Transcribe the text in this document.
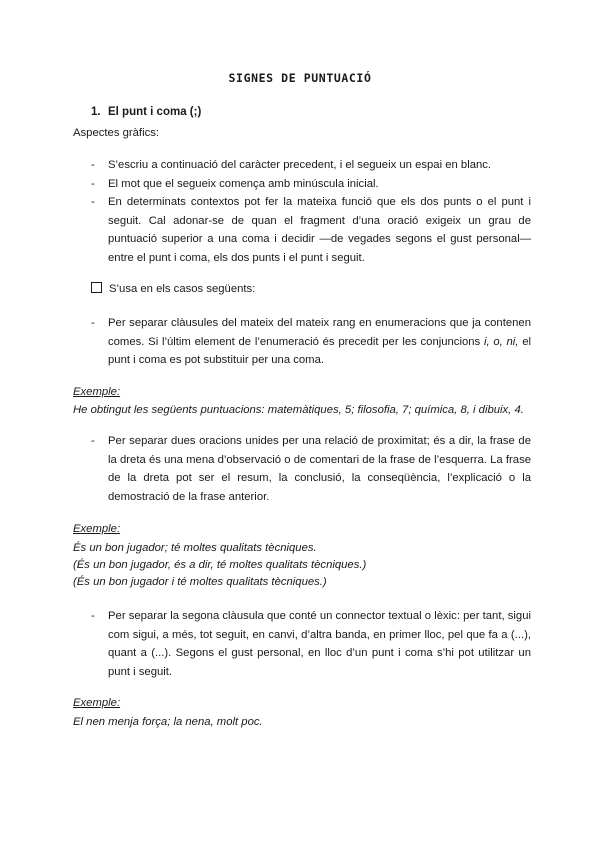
SIGNES DE PUNTUACIÓ
1. El punt i coma (;)
Aspectes gràfics:
- S’escriu a continuació del caràcter precedent, i el segueix un espai en blanc.
- El mot que el segueix comença amb minúscula inicial.
- En determinats contextos pot fer la mateixa funció que els dos punts o el punt i seguit. Cal adonar-se de quan el fragment d’una oració exigeix un grau de puntuació superior a una coma i decidir —de vegades segons el gust personal— entre el punt i coma, els dos punts i el punt i seguit.
S’usa en els casos següents:
- Per separar clàusules del mateix del mateix rang en enumeracions que ja contenen comes. Si l’últim element de l’enumeració és precedit per les conjuncions i, o, ni, el punt i coma es pot substituir per una coma.
Exemple:
He obtingut les següents puntuacions: matemàtiques, 5; filosofia, 7; química, 8, i dibuix, 4.
- Per separar dues oracions unides per una relació de proximitat; és a dir, la frase de la dreta és una mena d’observació o de comentari de la frase de l’esquerra. La frase de la dreta pot ser el resum, la conclusió, la conseqüència, l’explicació o la demostració de la frase anterior.
Exemple:
És un bon jugador; té moltes qualitats tècniques.
(És un bon jugador, és a dir, té moltes qualitats tècniques.)
(És un bon jugador i té moltes qualitats tècniques.)
- Per separar la segona clàusula que conté un connector textual o lèxic: per tant, sigui com sigui, a més, tot seguit, en canvi, d’altra banda, en primer lloc, pel que fa a (...), quant a (...). Segons el gust personal, en lloc d’un punt i coma s’hi pot utilitzar un punt i seguit.
Exemple:
El nen menja força; la nena, molt poc.
